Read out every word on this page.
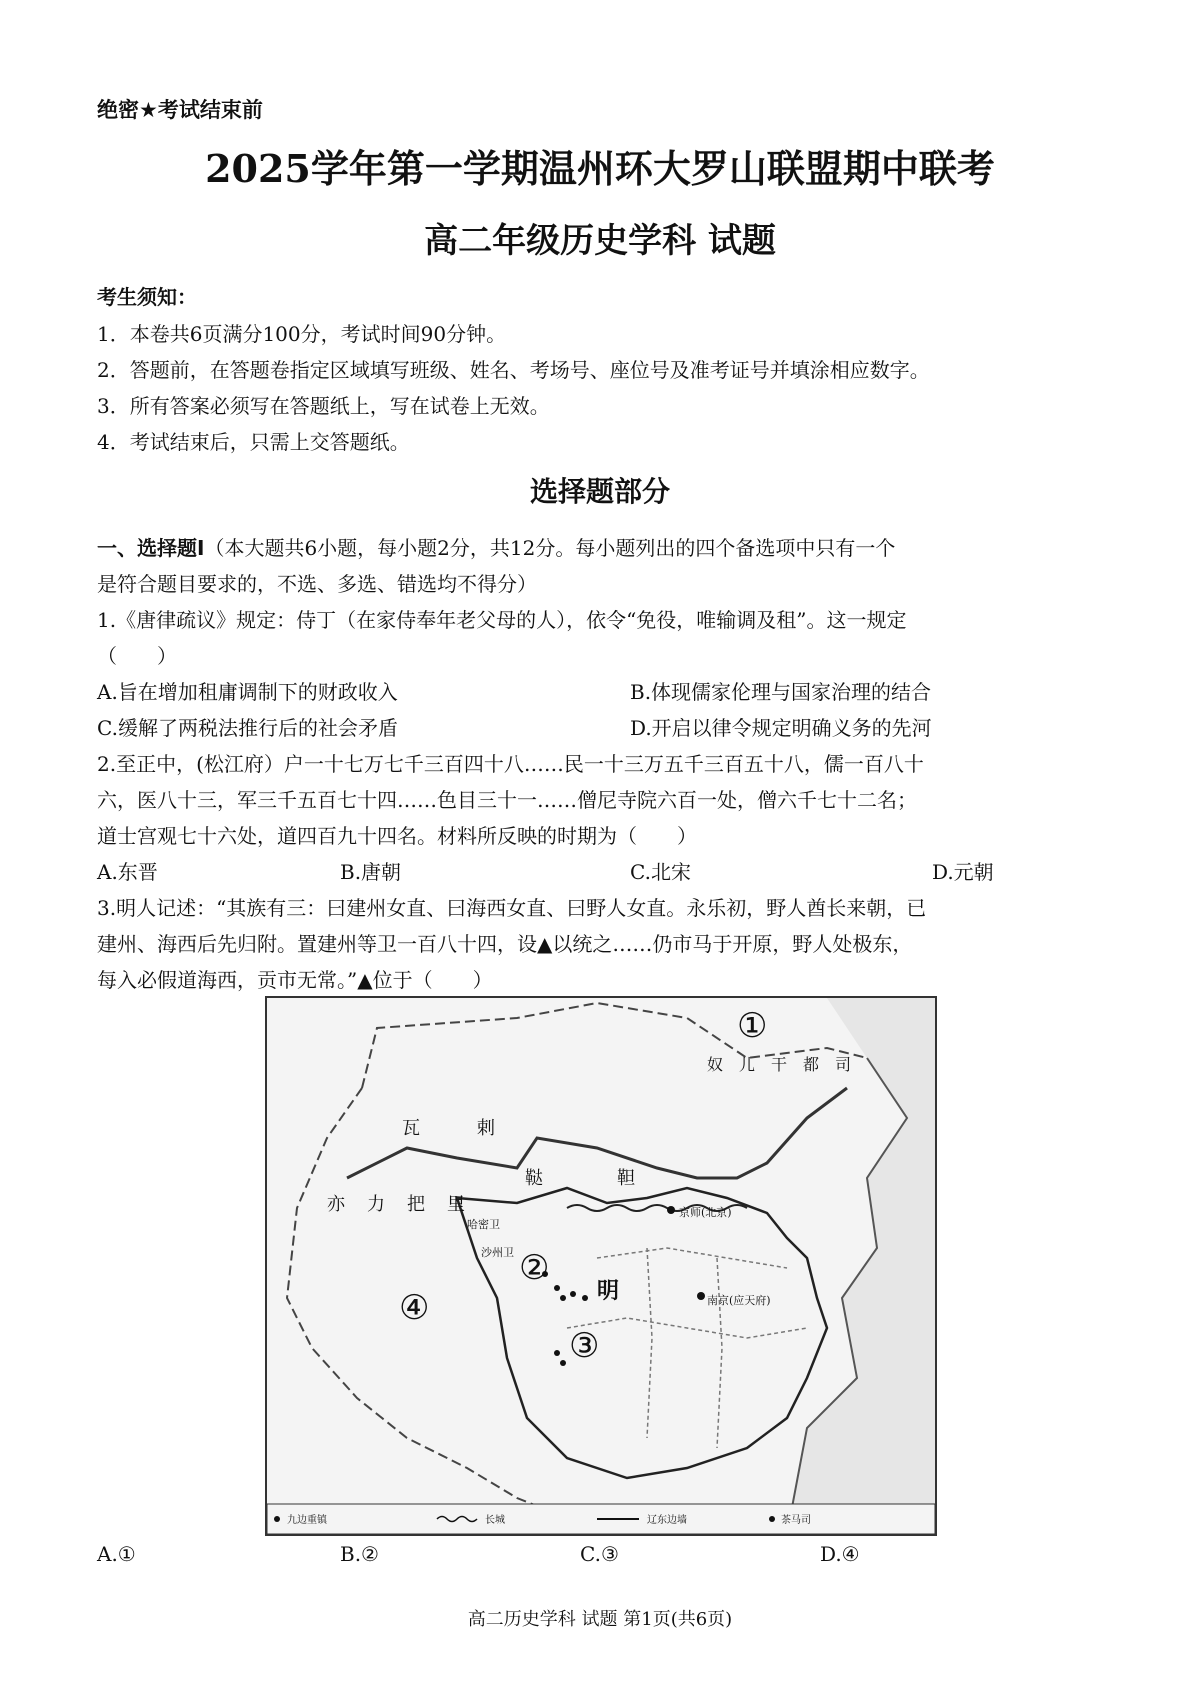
绝密★考试结束前
2025学年第一学期温州环大罗山联盟期中联考
高二年级历史学科 试题
考生须知：
1．本卷共6页满分100分，考试时间90分钟。
2．答题前，在答题卷指定区域填写班级、姓名、考场号、座位号及准考证号并填涂相应数字。
3．所有答案必须写在答题纸上，写在试卷上无效。
4．考试结束后，只需上交答题纸。
选择题部分
一、选择题Ⅰ（本大题共6小题，每小题2分，共12分。每小题列出的四个备选项中只有一个
是符合题目要求的，不选、多选、错选均不得分）
1.《唐律疏议》规定：侍丁（在家侍奉年老父母的人），依令“免役，唯输调及租”。这一规定
（　　）
A.旨在增加租庸调制下的财政收入	B.体现儒家伦理与国家治理的结合
C.缓解了两税法推行后的社会矛盾	D.开启以律令规定明确义务的先河
2.至正中，(松江府）户一十七万七千三百四十八……民一十三万五千三百五十八，儒一百八十
六，医八十三，军三千五百七十四……色目三十一……僧尼寺院六百一处，僧六千七十二名；
道士宫观七十六处，道四百九十四名。材料所反映的时期为（　　）
A.东晋	B.唐朝	C.北宋	D.元朝
3.明人记述：“其族有三：曰建州女直、曰海西女直、曰野人女直。永乐初，野人酋长来朝，已
建州、海西后先归附。置建州等卫一百八十四，设▲以统之……仍市马于开原，野人处极东，
每入必假道海西，贡市无常。”▲位于（　　）
瓦	剌
鞑	靼
亦 力 把 里
明
奴 儿 干 都 司
哈密卫
沙州卫
京师(北京)
南京(应天府)
①
②
③
④
九边重镇	长城	辽东边墙	茶马司
A.①	B.②	C.③	D.④
高二历史学科 试题 第1页(共6页)
